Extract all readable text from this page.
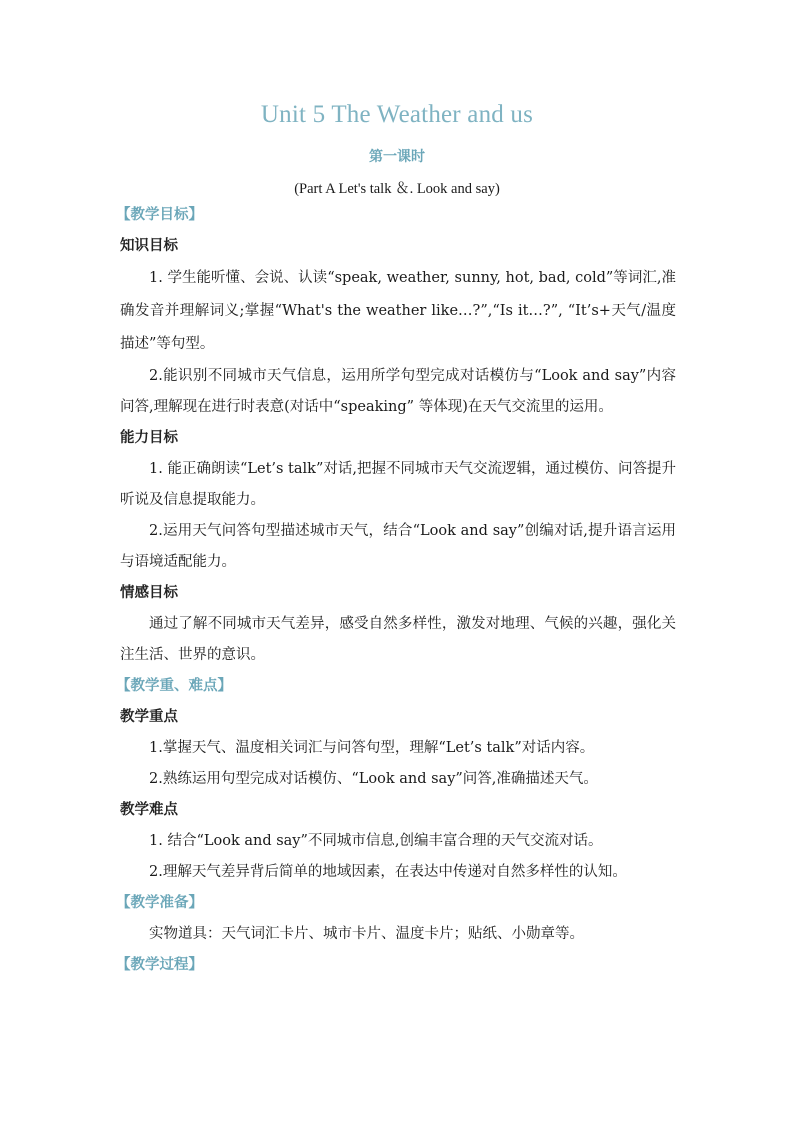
Unit 5 The Weather and us
第一课时
(Part A Let's talk ＆. Look and say)
【教学目标】
知识目标
1. 学生能听懂、会说、认读“speak, weather, sunny, hot, bad, cold”等词汇,准确发音并理解词义;掌握“What's the weather like…?”,“Is it…?”, “It’s+天气/温度描述”等句型。
2.能识别不同城市天气信息，运用所学句型完成对话模仿与“Look and say”内容问答,理解现在进行时表意(对话中“speaking” 等体现)在天气交流里的运用。
能力目标
1. 能正确朗读“Let’s talk”对话,把握不同城市天气交流逻辑，通过模仿、问答提升听说及信息提取能力。
2.运用天气问答句型描述城市天气，结合“Look and say”创编对话,提升语言运用与语境适配能力。
情感目标
通过了解不同城市天气差异，感受自然多样性，激发对地理、气候的兴趣，强化关注生活、世界的意识。
【教学重、难点】
教学重点
1.掌握天气、温度相关词汇与问答句型，理解“Let’s talk”对话内容。
2.熟练运用句型完成对话模仿、“Look and say”问答,准确描述天气。
教学难点
1. 结合“Look and say”不同城市信息,创编丰富合理的天气交流对话。
2.理解天气差异背后简单的地域因素，在表达中传递对自然多样性的认知。
【教学准备】
实物道具：天气词汇卡片、城市卡片、温度卡片；贴纸、小勋章等。
【教学过程】
